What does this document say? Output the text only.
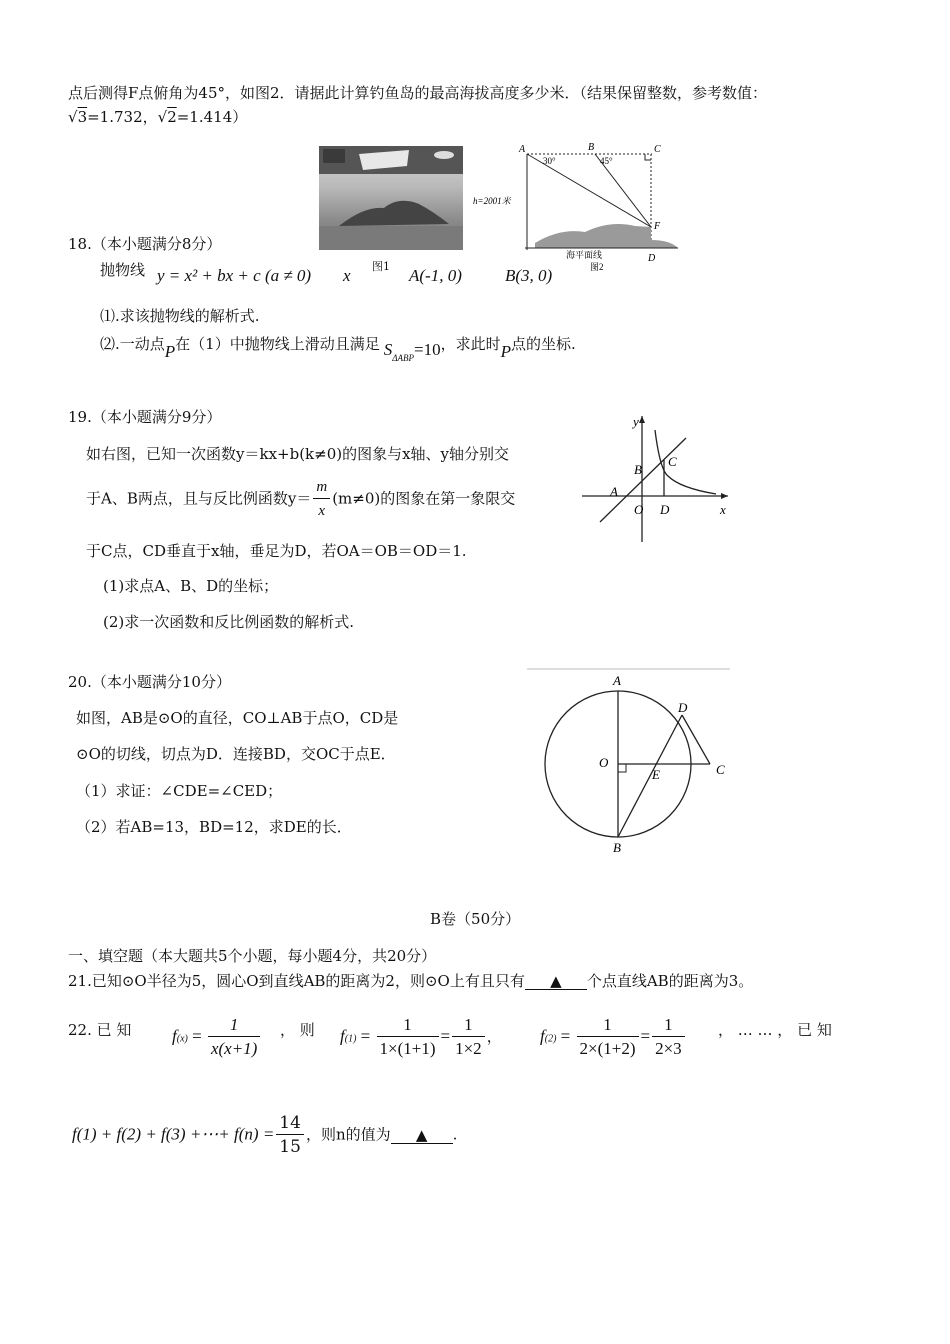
点后测得F点俯角为45°，如图2．请据此计算钓鱼岛的最高海拔高度多少米．（结果保留整数，参考数值：
√3=1.732，√2=1.414）
图1
A	B	C
F
D
30°	45°
h=2001米
海平面线
图2
18.（本小题满分8分）
抛物线 y = x² + bx + c (a ≠ 0) x	A(-1, 0)	B(3, 0)
⑴.求该抛物线的解析式.
⑵.一动点P在（1）中抛物线上滑动且满足 $S_{\Delta ABP}=10$，求此时P点的坐标.
19.（本小题满分9分）
如右图，已知一次函数y＝kx+b(k≠0)的图象与x轴、y轴分别交
于A、B两点，且与反比例函数$y= \frac{m}{x} (m\ne 0)$的图象在第一象限交
于C点，CD垂直于x轴，垂足为D，若OA＝OB＝OD＝1.
(1)求点A、B、D的坐标；
(2)求一次函数和反比例函数的解析式.
y
x
A
B
C
O D
20.（本小题满分10分）
如图，AB是⊙O的直径，CO⊥AB于点O，CD是
⊙O的切线，切点为D．连接BD，交OC于点E．
（1）求证：∠CDE=∠CED；
（2）若AB=13，BD=12，求DE的长．
A
B
C
D
O
E
B卷（50分）
一、填空题（本大题共5个小题，每小题4分，共20分）
21.已知⊙O半径为5，圆心O到直线AB的距离为2，则⊙O上有且只有 ▲ 个点直线AB的距离为3。
22. 已 知 $f(x) = \frac{1}{x(x+1)}$ ， 则 $f(1) = \frac{1}{1\times(1+1)} = \frac{1}{1\times 2}$ ， $f(2) = \frac{1}{2\times(1+2)} = \frac{1}{2\times 3}$ ， … … ， 已 知
f(1) + f(2) + f(3) +⋯+ $f(n) = \frac{14}{15}$ ，则n的值为 ▲ .
